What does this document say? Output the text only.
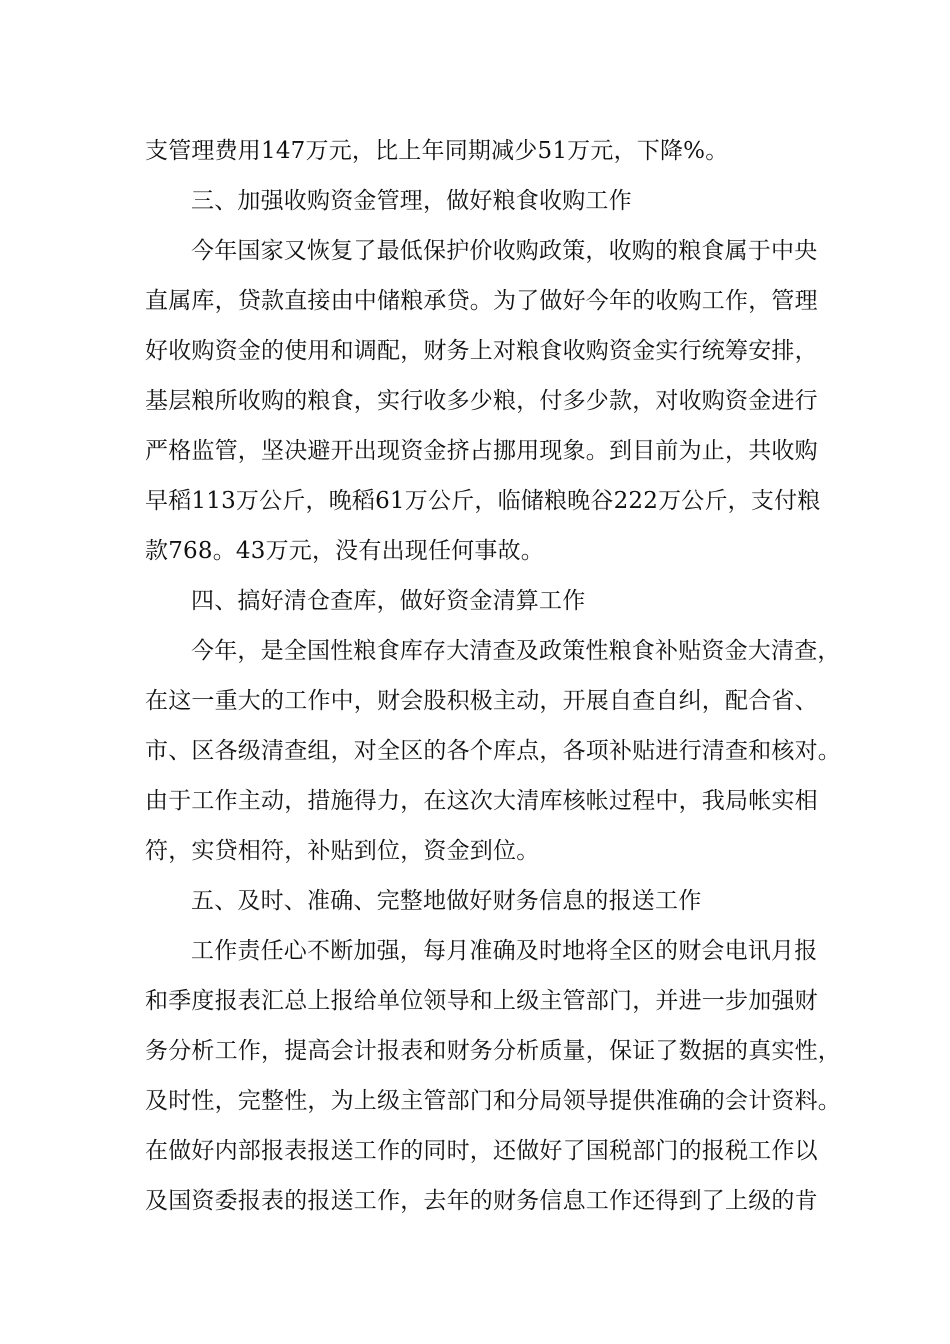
支管理费用147万元，比上年同期减少51万元，下降%。
三、加强收购资金管理，做好粮食收购工作
今年国家又恢复了最低保护价收购政策，收购的粮食属于中央
直属库，贷款直接由中储粮承贷。为了做好今年的收购工作，管理
好收购资金的使用和调配，财务上对粮食收购资金实行统筹安排，
基层粮所收购的粮食，实行收多少粮，付多少款，对收购资金进行
严格监管，坚决避开出现资金挤占挪用现象。到目前为止，共收购
早稻113万公斤，晚稻61万公斤，临储粮晚谷222万公斤，支付粮
款768。43万元，没有出现任何事故。
四、搞好清仓查库，做好资金清算工作
今年，是全国性粮食库存大清查及政策性粮食补贴资金大清查，
在这一重大的工作中，财会股积极主动，开展自查自纠，配合省、
市、区各级清查组，对全区的各个库点，各项补贴进行清查和核对。
由于工作主动，措施得力，在这次大清库核帐过程中，我局帐实相
符，实贷相符，补贴到位，资金到位。
五、及时、准确、完整地做好财务信息的报送工作
工作责任心不断加强，每月准确及时地将全区的财会电讯月报
和季度报表汇总上报给单位领导和上级主管部门，并进一步加强财
务分析工作，提高会计报表和财务分析质量，保证了数据的真实性，
及时性，完整性，为上级主管部门和分局领导提供准确的会计资料。
在做好内部报表报送工作的同时，还做好了国税部门的报税工作以
及国资委报表的报送工作，去年的财务信息工作还得到了上级的肯
